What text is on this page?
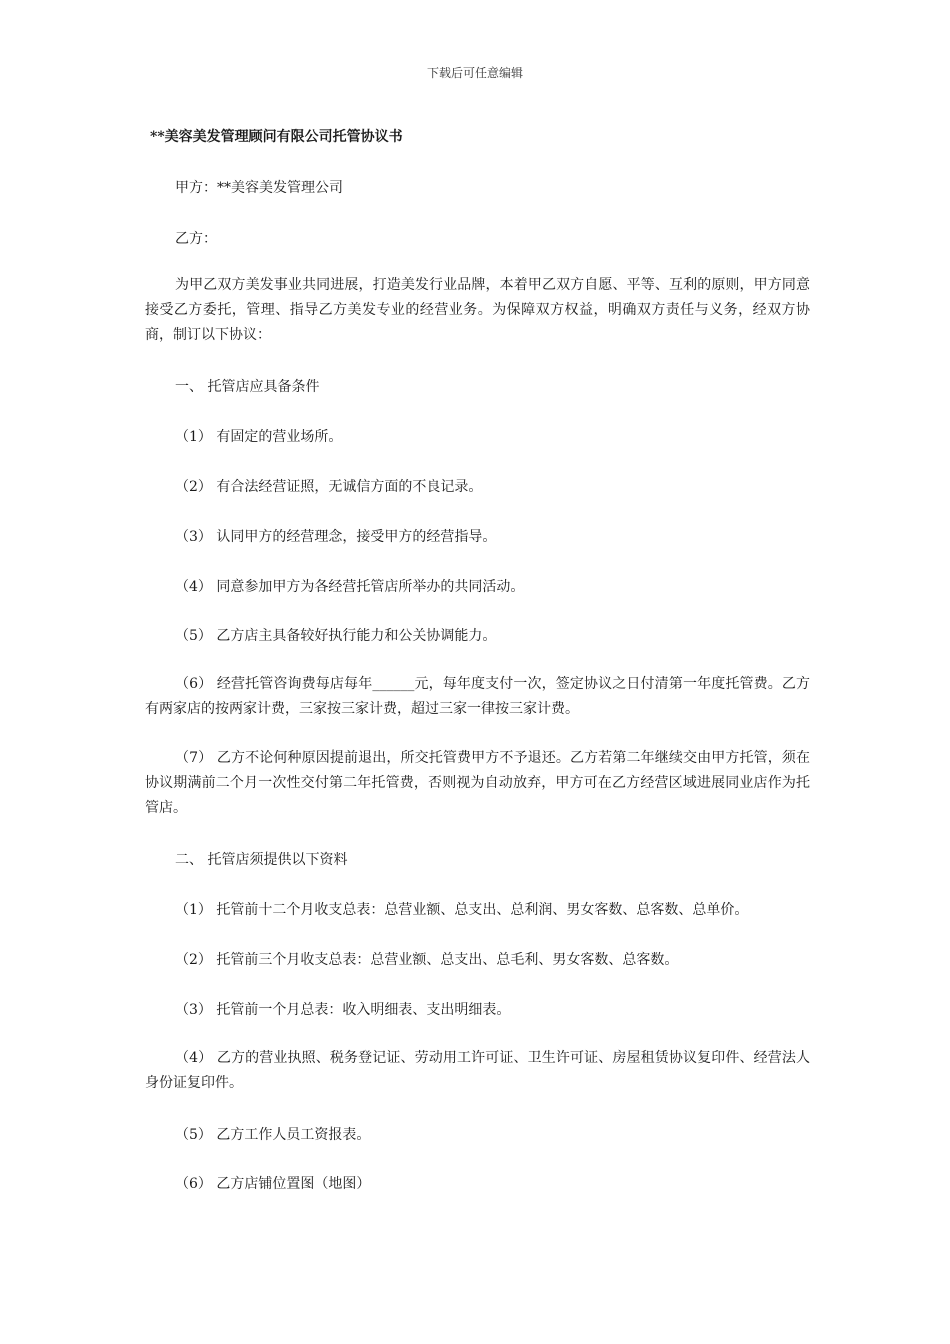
下载后可任意编辑
**美容美发管理顾问有限公司托管协议书
甲方：**美容美发管理公司
乙方：
为甲乙双方美发事业共同进展，打造美发行业品牌，本着甲乙双方自愿、平等、互利的原则，甲方同意接受乙方委托，管理、指导乙方美发专业的经营业务。为保障双方权益，明确双方责任与义务，经双方协商，制订以下协议：
一、 托管店应具备条件
（1） 有固定的营业场所。
（2） 有合法经营证照，无诚信方面的不良记录。
（3） 认同甲方的经营理念，接受甲方的经营指导。
（4） 同意参加甲方为各经营托管店所举办的共同活动。
（5） 乙方店主具备较好执行能力和公关协调能力。
（6） 经营托管咨询费每店每年______元，每年度支付一次，签定协议之日付清第一年度托管费。乙方有两家店的按两家计费，三家按三家计费，超过三家一律按三家计费。
（7） 乙方不论何种原因提前退出，所交托管费甲方不予退还。乙方若第二年继续交由甲方托管，须在协议期满前二个月一次性交付第二年托管费，否则视为自动放弃，甲方可在乙方经营区域进展同业店作为托管店。
二、 托管店须提供以下资料
（1） 托管前十二个月收支总表：总营业额、总支出、总利润、男女客数、总客数、总单价。
（2） 托管前三个月收支总表：总营业额、总支出、总毛利、男女客数、总客数。
（3） 托管前一个月总表：收入明细表、支出明细表。
（4） 乙方的营业执照、税务登记证、劳动用工许可证、卫生许可证、房屋租赁协议复印件、经营法人身份证复印件。
（5） 乙方工作人员工资报表。
（6） 乙方店铺位置图（地图）
